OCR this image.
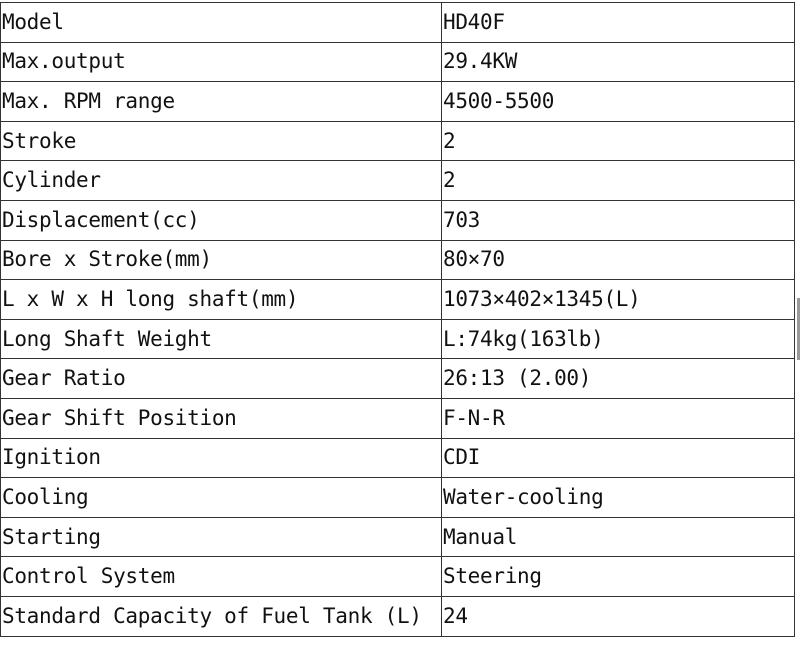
Model	HD40F
Max.output	29.4KW
Max. RPM range	4500-5500
Stroke	2
Cylinder	2
Displacement(cc)	703
Bore x Stroke(mm)	80×70
L x W x H long shaft(mm)	1073×402×1345(L)
Long Shaft Weight	L:74kg(163lb)
Gear Ratio	26:13 (2.00)
Gear Shift Position	F-N-R
Ignition	CDI
Cooling	Water-cooling
Starting	Manual
Control System	Steering
Standard Capacity of Fuel Tank (L)	24
